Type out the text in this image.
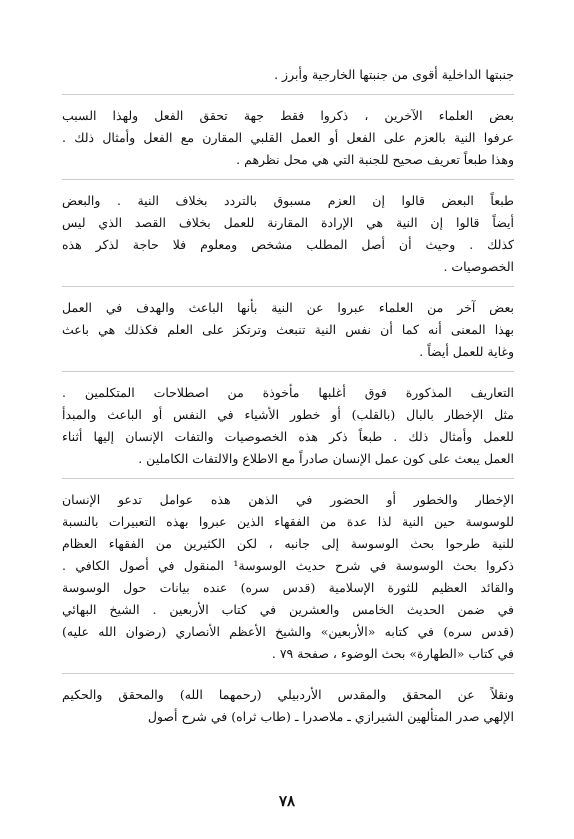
جنبتها الداخلية أقوى من جنبتها الخارجية وأبرز .
بعض العلماء الآخرين ، ذكروا فقط جهة تحقق الفعل ولهذا السبب
عرفوا النية بالعزم على الفعل أو العمل القلبي المقارن مع الفعل وأمثال ذلك .
وهذا طبعاً تعريف صحيح للجنبة التي هي محل نظرهم .
طبعاً البعض قالوا إن العزم مسبوق بالتردد بخلاف النية . والبعض
أيضاً قالوا إن النية هي الإرادة المقارنة للعمل بخلاف القصد الذي ليس
كذلك . وحيث أن أصل المطلب مشخص ومعلوم فلا حاجة لذكر هذه
الخصوصيات .
بعض آخر من العلماء عبروا عن النية بأنها الباعث والهدف في العمل
بهذا المعنى أنه كما أن نفس النية تنبعث وترتكز على العلم فكذلك هي باعث
وغاية للعمل أيضاً .
التعاريف المذكورة فوق أغلبها مأخوذة من اصطلاحات المتكلمين .
مثل الإخطار بالبال (بالقلب) أو خطور الأشياء في النفس أو الباعث والمبدأ
للعمل وأمثال ذلك . طبعاً ذكر هذه الخصوصيات والتفات الإنسان إليها أثناء
العمل يبعث على كون عمل الإنسان صادراً مع الاطلاع والالتفات الكاملين .
الإخطار والخطور أو الحضور في الذهن هذه عوامل تدعو الإنسان
للوسوسة حين النية لذا عدة من الفقهاء الذين عبروا بهذه التعبيرات بالنسبة
للنية طرحوا بحث الوسوسة إلى جانبه ، لكن الكثيرين من الفقهاء العظام
ذكروا بحث الوسوسة في شرح حديث الوسوسة¹ المنقول في أصول الكافي .
والقائد العظيم للثورة الإسلامية (قدس سره) عنده بيانات حول الوسوسة
في ضمن الحديث الخامس والعشرين في كتاب الأربعين . الشيخ البهائي
(قدس سره) في كتابه «الأربعين» والشيخ الأعظم الأنصاري (رضوان الله عليه)
في كتاب «الطهارة» بحث الوضوء ، صفحة ٧٩ .
ونقلاً عن المحقق والمقدس الأردبيلي (رحمهما الله) والمحقق والحكيم
الإلهي صدر المتألهين الشيرازي ـ ملاصدرا ـ (طاب ثراه) في شرح أصول
٧٨
